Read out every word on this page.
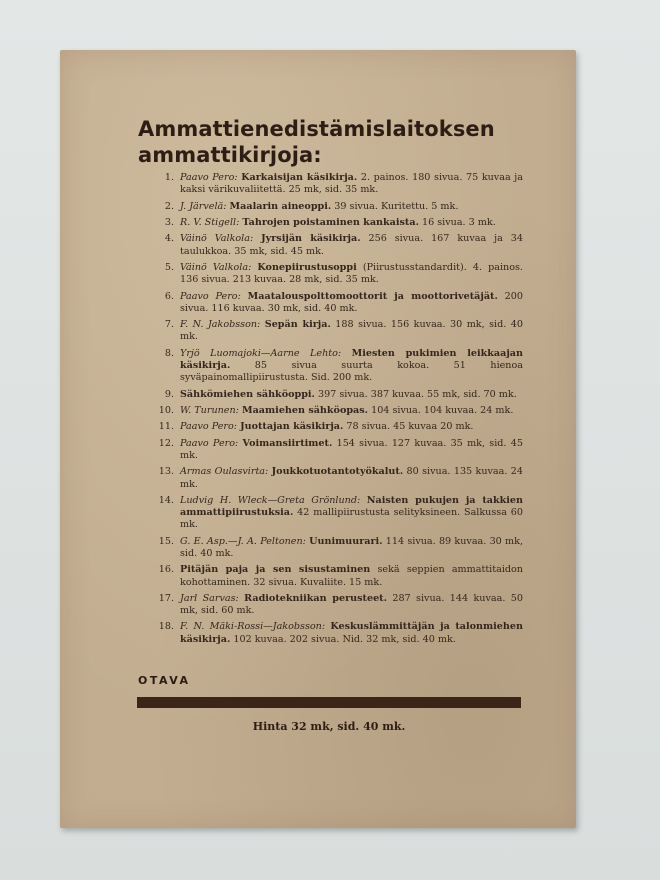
Ammattienedistämislaitoksen
ammattikirjoja:
1. Paavo Pero: Karkaisijan käsikirja. 2. painos. 180 sivua. 75 kuvaa ja kaksi värikuvaliitettä. 25 mk, sid. 35 mk.
2. J. Järvelä: Maalarin aineoppi. 39 sivua. Kuritettu. 5 mk.
3. R. V. Stigell: Tahrojen poistaminen kankaista. 16 sivua. 3 mk.
4. Väinö Valkola: Jyrsijän käsikirja. 256 sivua. 167 kuvaa ja 34 taulukkoa. 35 mk, sid. 45 mk.
5. Väinö Valkola: Konepiirustusoppi (Piirustusstandardit). 4. painos. 136 sivua. 213 kuvaa. 28 mk, sid. 35 mk.
6. Paavo Pero: Maatalouspolttomoottorit ja moottorivetäjät. 200 sivua. 116 kuvaa. 30 mk, sid. 40 mk.
7. F. N. Jakobsson: Sepän kirja. 188 sivua. 156 kuvaa. 30 mk, sid. 40 mk.
8. Yrjö Luomajoki—Aarne Lehto: Miesten pukimien leikkaajan käsikirja.	85 sivua suurta kokoa. 51 hienoa syväpainomallipiirustusta. Sid. 200 mk.
9. Sähkömiehen sähköoppi. 397 sivua. 387 kuvaa. 55 mk, sid. 70 mk.
10. W. Turunen: Maamiehen sähköopas. 104 sivua. 104 kuvaa. 24 mk.
11. Paavo Pero: Juottajan käsikirja. 78 sivua. 45 kuvaa 20 mk.
12. Paavo Pero: Voimansiirtimet. 154 sivua. 127 kuvaa. 35 mk, sid. 45 mk.
13. Armas Oulasvirta: Joukkotuotantotyökalut. 80 sivua. 135 kuvaa. 24 mk.
14. Ludvig H. Wleck—Greta Grönlund: Naisten pukujen ja takkien ammattipiirustuksia. 42 mallipiirustusta selityksineen. Salkussa 60 mk.
15. G. E. Asp.—J. A. Peltonen: Uunimuurari. 114 sivua. 89 kuvaa. 30 mk, sid. 40 mk.
16. Pitäjän paja ja sen sisustaminen sekä seppien ammattitaidon kohottaminen. 32 sivua. Kuvaliite. 15 mk.
17. Jarl Sarvas: Radiotekniikan perusteet. 287 sivua. 144 kuvaa. 50 mk, sid. 60 mk.
18. F. N. Mäki-Rossi—Jakobsson: Keskuslämmittäjän ja talonmiehen käsikirja. 102 kuvaa. 202 sivua. Nid. 32 mk, sid. 40 mk.
OTAVA
Hinta 32 mk, sid. 40 mk.
